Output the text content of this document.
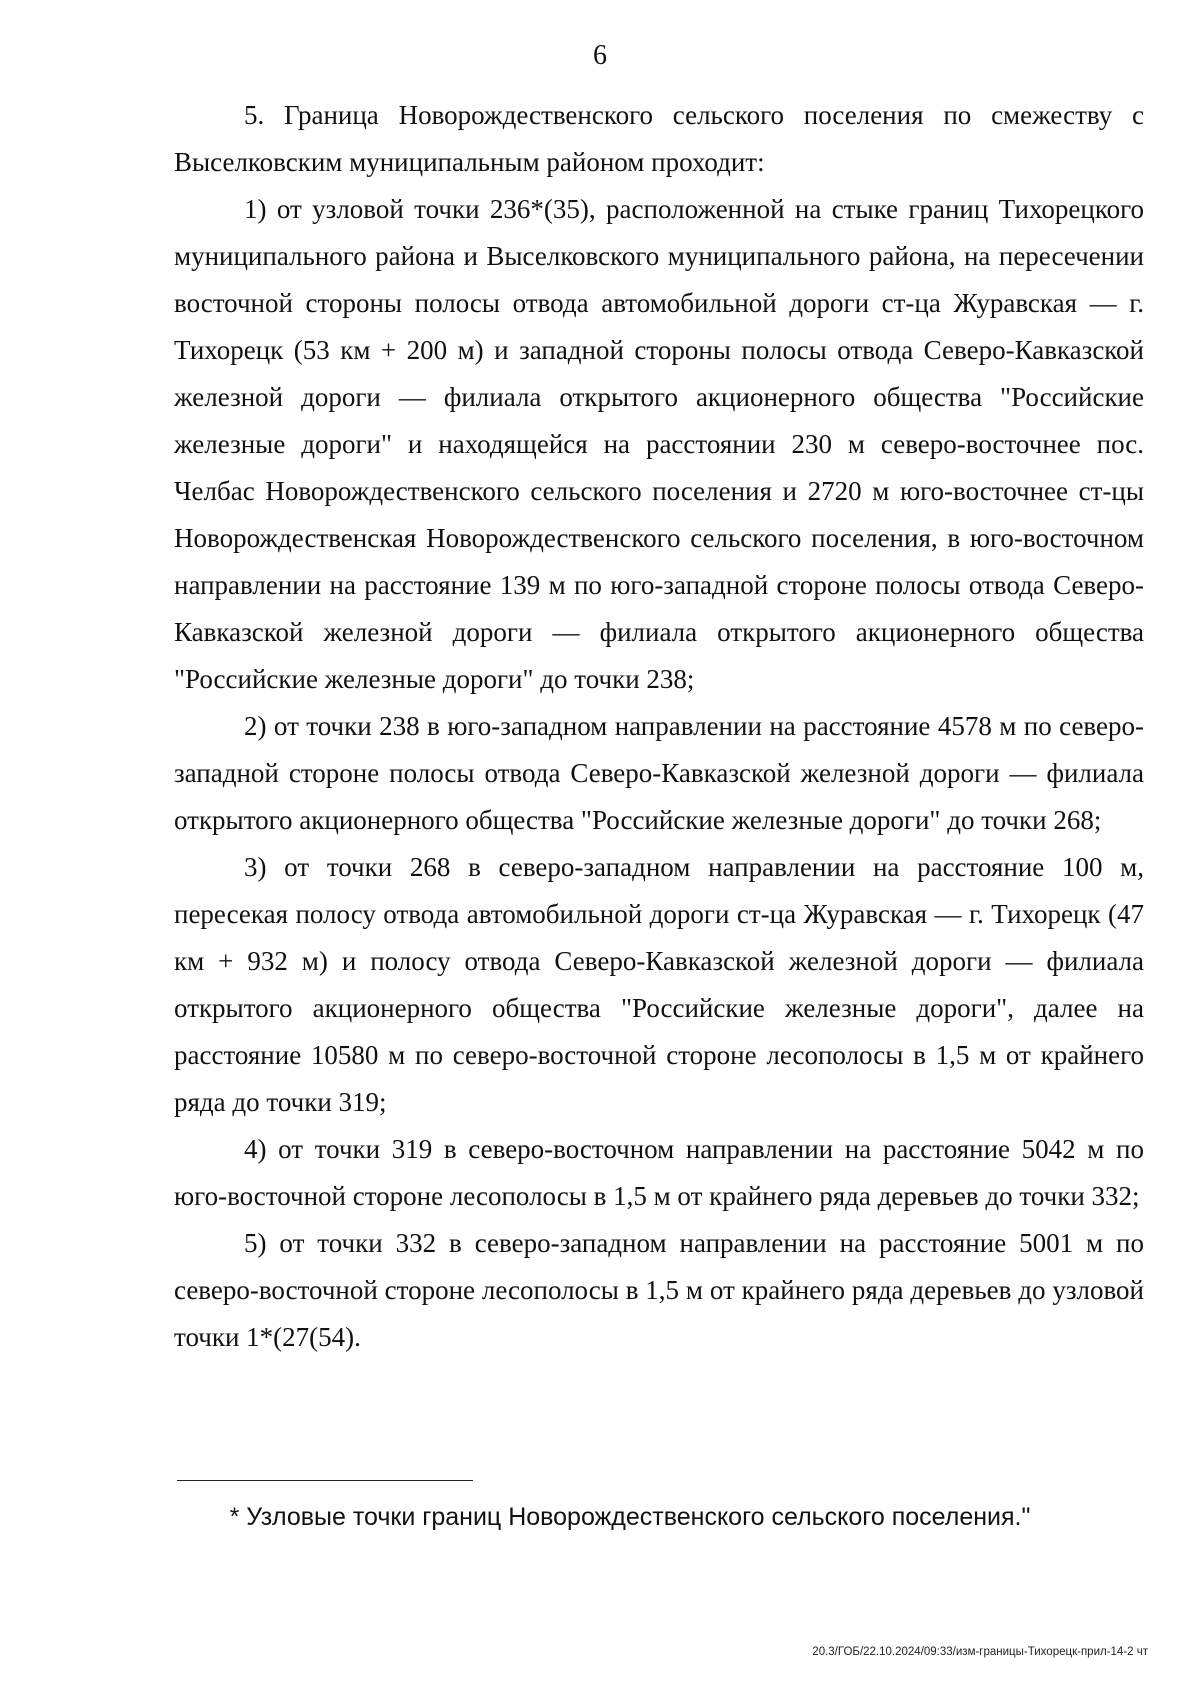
6

5. Граница Новорождественского сельского поселения по смежеству с Выселковским муниципальным районом проходит:

1) от узловой точки 236*(35), расположенной на стыке границ Тихорецкого муниципального района и Выселковского муниципального района, на пересечении восточной стороны полосы отвода автомобильной дороги ст-ца Журавская — г. Тихорецк (53 км + 200 м) и западной стороны полосы отвода Северо-Кавказской железной дороги — филиала открытого акционерного общества "Российские железные дороги" и находящейся на расстоянии 230 м северо-восточнее пос. Челбас Новорождественского сельского поселения и 2720 м юго-восточнее ст-цы Новорождественская Новорождественского сельского поселения, в юго-восточном направлении на расстояние 139 м по юго-западной стороне полосы отвода Северо-Кавказской железной дороги — филиала открытого акционерного общества "Российские железные дороги" до точки 238;

2) от точки 238 в юго-западном направлении на расстояние 4578 м по северо-западной стороне полосы отвода Северо-Кавказской железной дороги — филиала открытого акционерного общества "Российские железные дороги" до точки 268;

3) от точки 268 в северо-западном направлении на расстояние 100 м, пересекая полосу отвода автомобильной дороги ст-ца Журавская — г. Тихорецк (47 км + 932 м) и полосу отвода Северо-Кавказской железной дороги — филиала открытого акционерного общества "Российские железные дороги", далее на расстояние 10580 м по северо-восточной стороне лесополосы в 1,5 м от крайнего ряда до точки 319;

4) от точки 319 в северо-восточном направлении на расстояние 5042 м по юго-восточной стороне лесополосы в 1,5 м от крайнего ряда деревьев до точки 332;

5) от точки 332 в северо-западном направлении на расстояние 5001 м по северо-восточной стороне лесополосы в 1,5 м от крайнего ряда деревьев до узловой точки 1*(27(54).

* Узловые точки границ Новорождественского сельского поселения."
20.3/ГОБ/22.10.2024/09:33/изм-границы-Тихорецк-прил-14-2 чт
